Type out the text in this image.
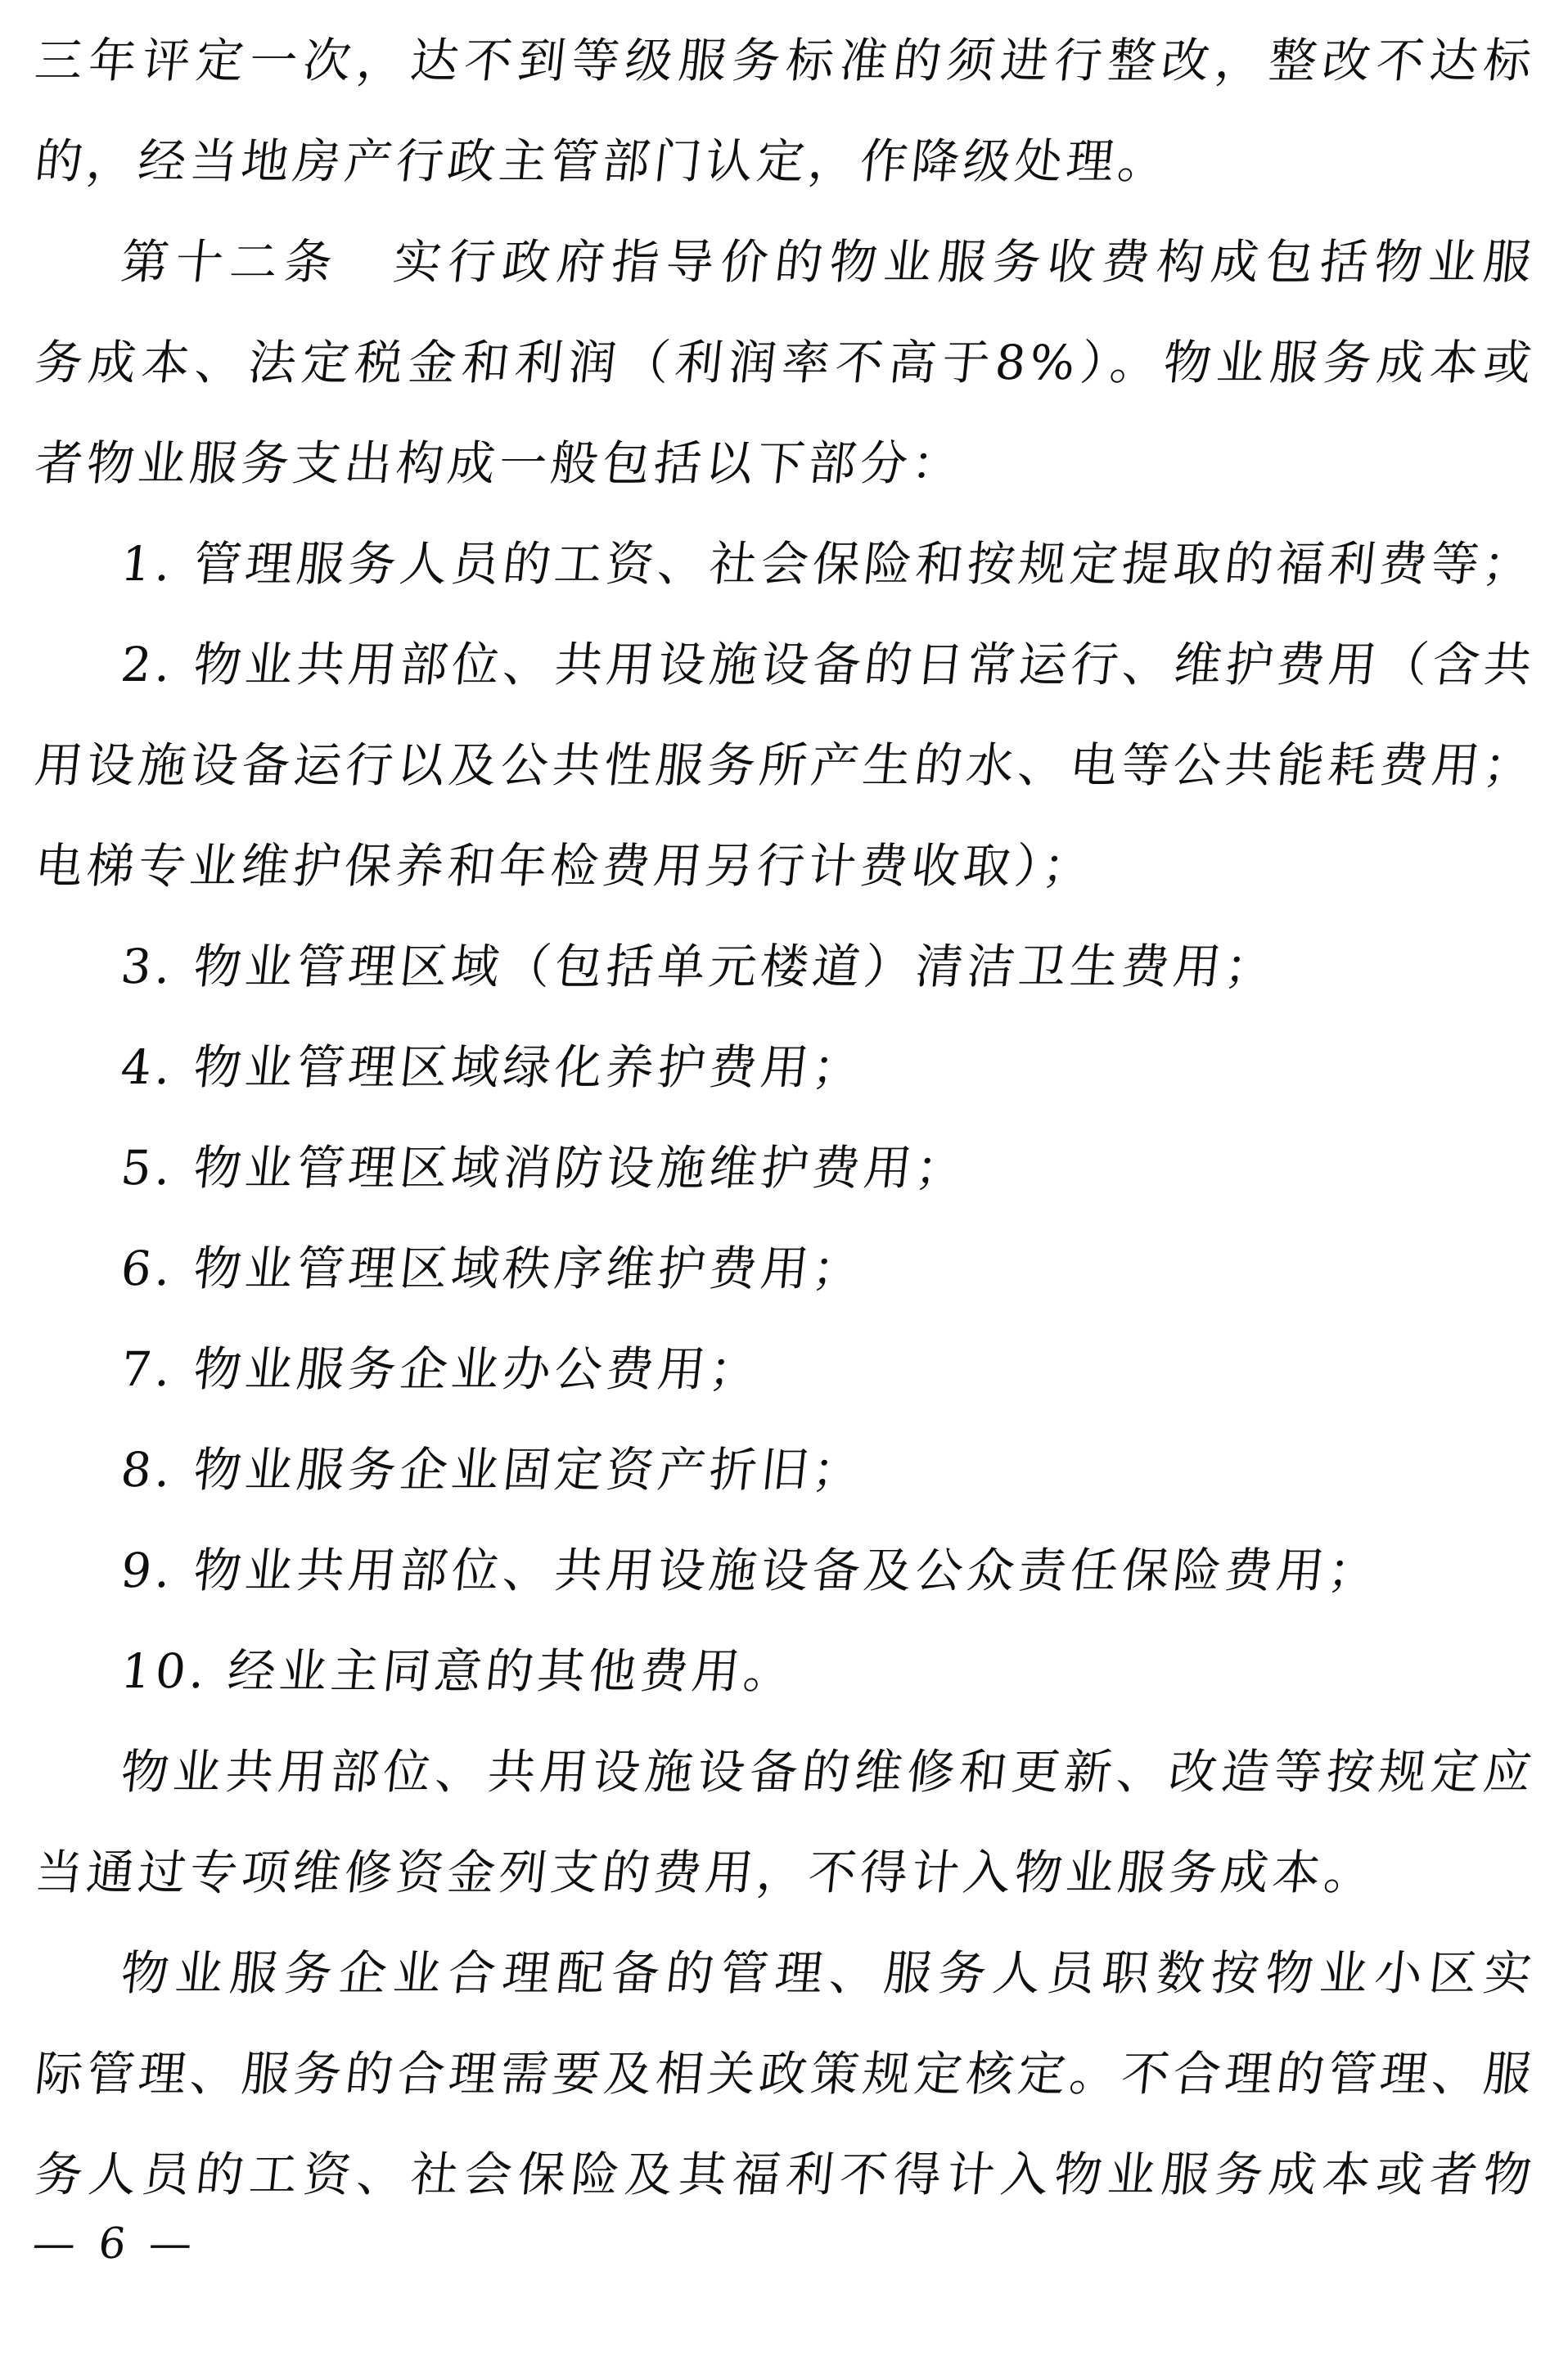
三年评定一次，达不到等级服务标准的须进行整改，整改不达标
的，经当地房产行政主管部门认定，作降级处理。
第十二条　实行政府指导价的物业服务收费构成包括物业服
务成本、法定税金和利润（利润率不高于8%）。物业服务成本或
者物业服务支出构成一般包括以下部分：
1. 管理服务人员的工资、社会保险和按规定提取的福利费等；
2. 物业共用部位、共用设施设备的日常运行、维护费用（含共
用设施设备运行以及公共性服务所产生的水、电等公共能耗费用；
电梯专业维护保养和年检费用另行计费收取）；
3. 物业管理区域（包括单元楼道）清洁卫生费用；
4. 物业管理区域绿化养护费用；
5. 物业管理区域消防设施维护费用；
6. 物业管理区域秩序维护费用；
7. 物业服务企业办公费用；
8. 物业服务企业固定资产折旧；
9. 物业共用部位、共用设施设备及公众责任保险费用；
10. 经业主同意的其他费用。
物业共用部位、共用设施设备的维修和更新、改造等按规定应
当通过专项维修资金列支的费用，不得计入物业服务成本。
物业服务企业合理配备的管理、服务人员职数按物业小区实
际管理、服务的合理需要及相关政策规定核定。不合理的管理、服
务人员的工资、社会保险及其福利不得计入物业服务成本或者物
— 6 —
